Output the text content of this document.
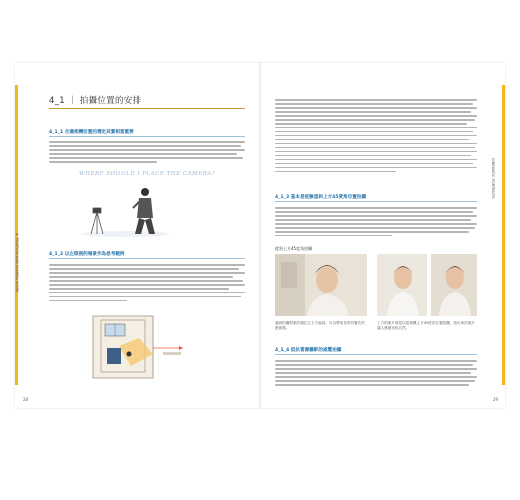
4. POSITION AND CAMERA WORK
4_1 ｜ 拍攝位置的安排
4_1_1 合適相機位置的選定其實相當重要
WHERE SHOULD I PLACE THE CAMERA?
4_1_2 以左眼視的場景作為思考範例
28
CINEMATIC PORTRAITS
4_1_3 基本是從臉蛋斜上方45度角位置拍攝
從斜上方45度角拍攝
讓被拍攝對象的頭往左上方偏斜。可以帶來非常有層次的畫面感。
上方的照片環是以從相機上方45度的位置拍攝，拍出來的照片讓人感覺比較自然。
4_1_4 抵抗著源攝影的威覺拍攝
29
